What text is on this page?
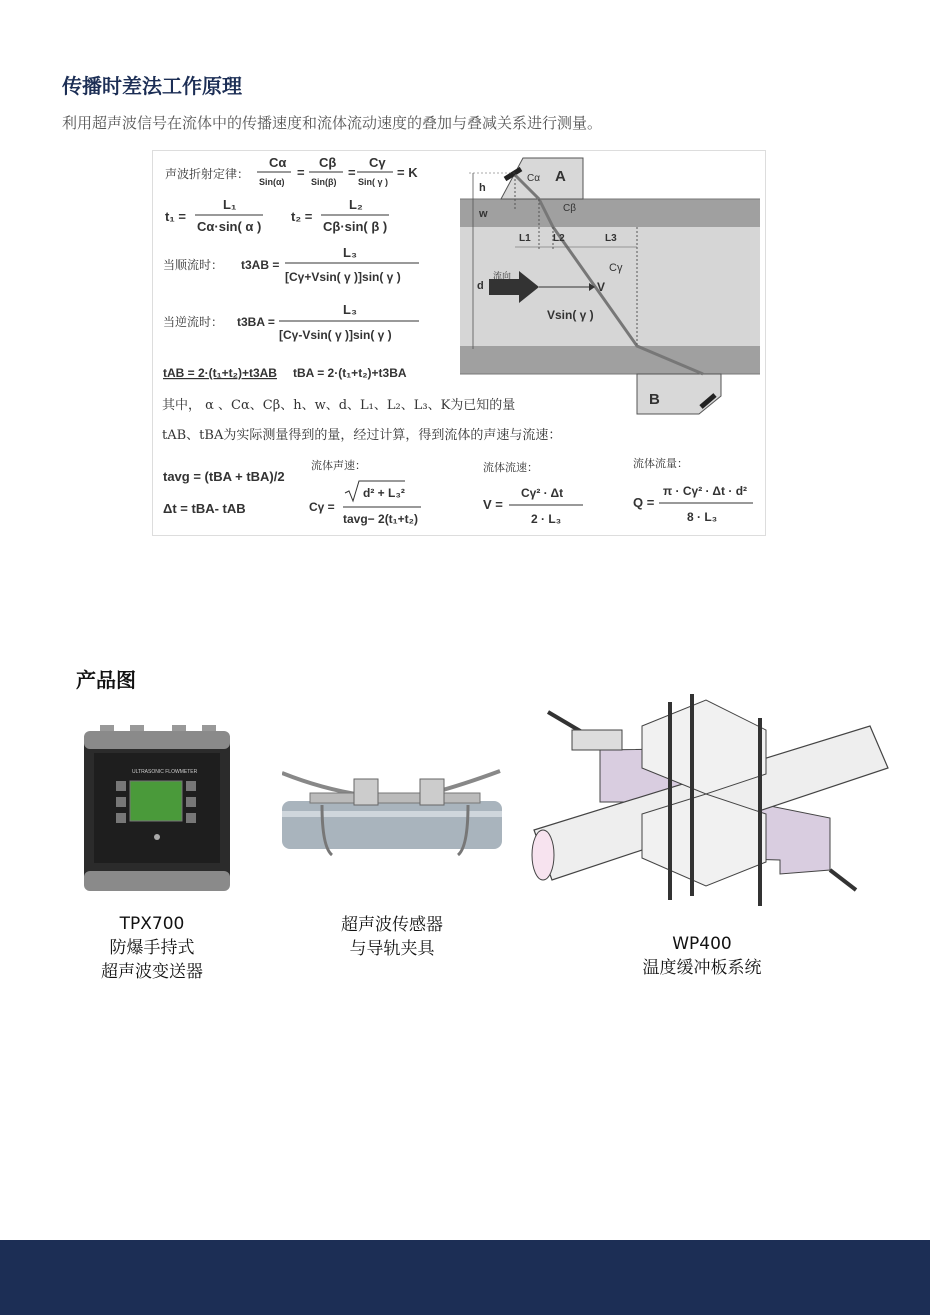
传播时差法工作原理
利用超声波信号在流体中的传播速度和流体流动速度的叠加与叠减关系进行测量。
声波折射定律：
Cα
Sin(α)
=
Cβ
Sin(β)
=
Cγ
Sin( γ )
= K
t₁ =
L₁
Cα·sin( α )
t₂ =
L₂
Cβ·sin( β )
当顺流时： t3AB =
L₃
[Cγ+Vsin( γ )]sin( γ )
当逆流时： t3BA =
L₃
[Cγ-Vsin( γ )]sin( γ )
tAB = 2·(t₁+t₂)+t3AB tBA = 2·(t₁+t₂)+t3BA
其中， α 、Cα、Cβ、h、w、d、L₁、L₂、L₃、K为已知的量
tAB、tBA为实际测量得到的量，经过计算，得到流体的声速与流速：
tavg = (tBA + tBA)/2
Δt = tBA- tAB
流体声速：
Cγ =
d² + L₃²
tavg− 2(t₁+t₂)
流体流速：
V =
Cγ² · Δt
2 · L₃
流体流量：
Q =
π · Cγ² · Δt · d²
8 · L₃
A
B
h
w
d
L1 L2	L3
Cα
Cβ
Cγ
流向
V
Vsin( γ )
产品图
ULTRASONIC FLOWMETER
TPX700
防爆手持式
超声波变送器
超声波传感器
与导轨夹具	WP400
温度缓冲板系统
